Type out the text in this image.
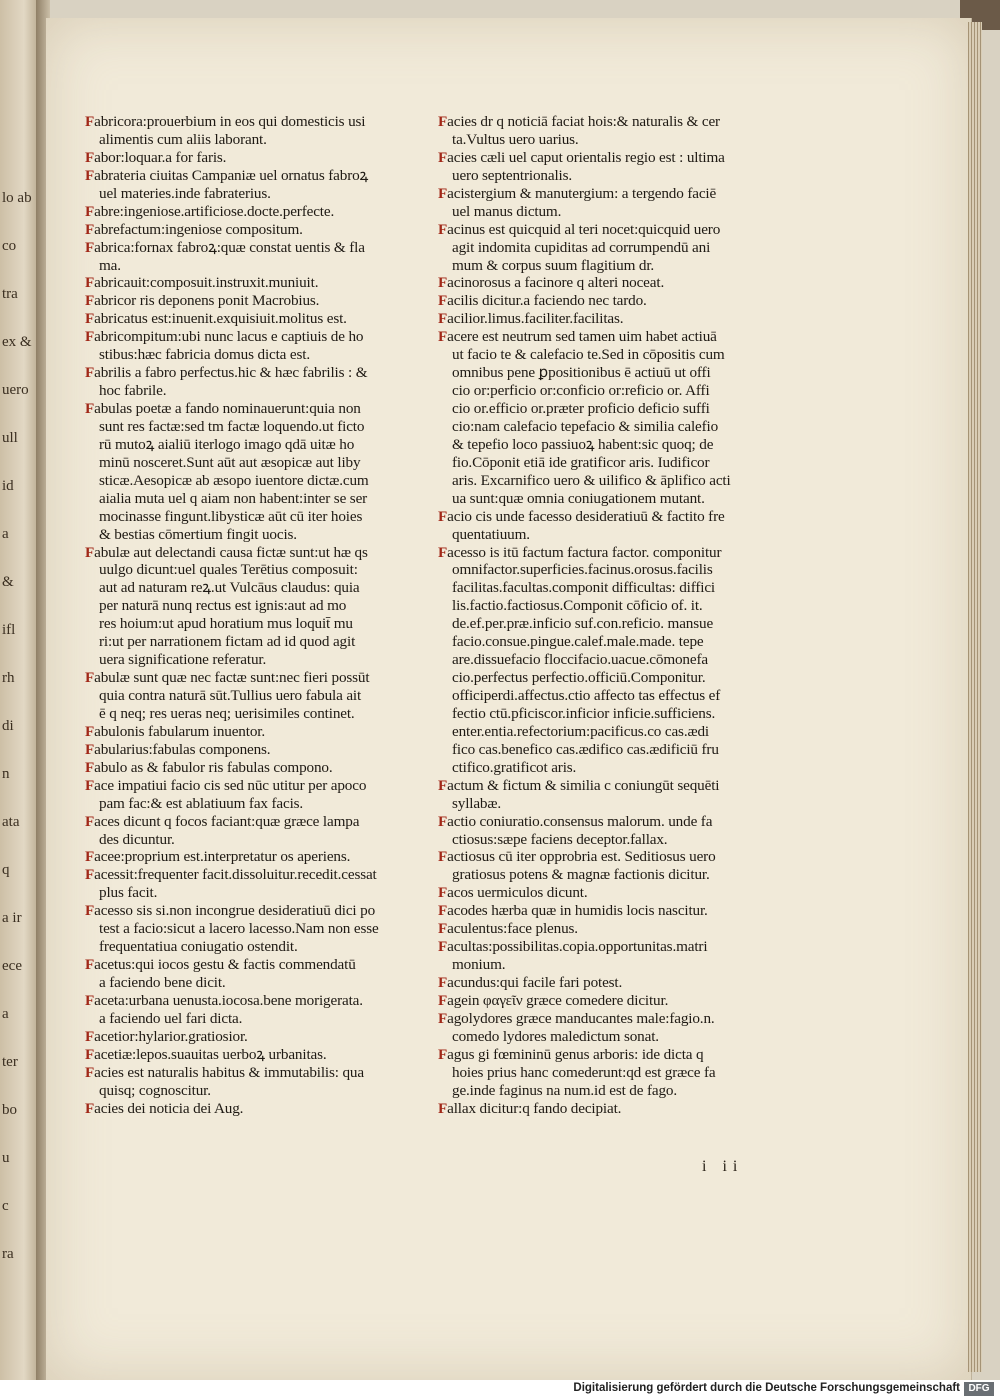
lo ab
co
tra
ex &
uero
ull
id
a
&
ifl
rh
di
n
ata
q
a ir
ece
a
ter
bo
u
c
ra
Fabricora:prouerbium in eos qui domesticis usi
alimentis cum aliis laborant.
Fabor:loquar.a for faris.
Fabrateria ciuitas Campaniæ uel ornatus fabroꝝ
uel materies.inde fabraterius.
Fabre:ingeniose.artificiose.docte.perfecte.
Fabrefactum:ingeniose compositum.
Fabrica:fornax fabroꝝ:quæ constat uentis & fla
ma.
Fabricauit:composuit.instruxit.muniuit.
Fabricor ris deponens ponit Macrobius.
Fabricatus est:inuenit.exquisiuit.molitus est.
Fabricompitum:ubi nunc lacus e captiuis de ho
stibus:hæc fabricia domus dicta est.
Fabrilis a fabro perfectus.hic & hæc fabrilis : &
hoc fabrile.
Fabulas poetæ a fando nominauerunt:quia non
sunt res factæ:sed tm factæ loquendo.ut ficto
rū mutoꝝ aialiū iterlogo imago qdā uitæ ho
minū nosceret.Sunt aūt aut æsopicæ aut liby
sticæ.Aesopicæ ab æsopo iuentore dictæ.cum
aialia muta uel q aiam non habent:inter se ser
mocinasse fingunt.libysticæ aūt cū iter hoies
& bestias cōmertium fingit uocis.
Fabulæ aut delectandi causa fictæ sunt:ut hæ qs
uulgo dicunt:uel quales Terētius composuit:
aut ad naturam reꝝ.ut Vulcāus claudus: quia
per naturā nunq rectus est ignis:aut ad mo
res hoium:ut apud horatium mus loquit̄ mu
ri:ut per narrationem fictam ad id quod agit
uera significatione referatur.
Fabulæ sunt quæ nec factæ sunt:nec fieri possūt
quia contra naturā sūt.Tullius uero fabula ait
ē q neq; res ueras neq; uerisimiles continet.
Fabulonis fabularum inuentor.
Fabularius:fabulas componens.
Fabulo as & fabulor ris fabulas compono.
Face impatiui facio cis sed nūc utitur per apoco
pam fac:& est ablatiuum fax facis.
Faces dicunt q focos faciant:quæ græce lampa
des dicuntur.
Facee:proprium est.interpretatur os aperiens.
Facessit:frequenter facit.dissoluitur.recedit.cessat
plus facit.
Facesso sis si.non incongrue desideratiuū dici po
test a facio:sicut a lacero lacesso.Nam non esse
frequentatiua coniugatio ostendit.
Facetus:qui iocos gestu & factis commendatū
a faciendo bene dicit.
Faceta:urbana uenusta.iocosa.bene morigerata.
a faciendo uel fari dicta.
Facetior:hylarior.gratiosior.
Facetiæ:lepos.suauitas uerboꝝ urbanitas.
Facies est naturalis habitus & immutabilis: qua
quisq; cognoscitur.
Facies dei noticia dei Aug.
Facies dr q noticiā faciat hois:& naturalis & cer
ta.Vultus uero uarius.
Facies cæli uel caput orientalis regio est : ultima
uero septentrionalis.
Facistergium & manutergium: a tergendo faciē
uel manus dictum.
Facinus est quicquid al teri nocet:quicquid uero
agit indomita cupiditas ad corrumpendū ani
mum & corpus suum flagitium dr.
Facinorosus a facinore q alteri noceat.
Facilis dicitur.a faciendo nec tardo.
Facilior.limus.faciliter.facilitas.
Facere est neutrum sed tamen uim habet actiuā
ut facio te & calefacio te.Sed in cōpositis cum
omnibus pene ꝑpositionibus ē actiuū ut offi
cio or:perficio or:conficio or:reficio or. Affi
cio or.efficio or.præter proficio deficio suffi
cio:nam calefacio tepefacio & similia calefio
& tepefio loco passiuoꝝ habent:sic quoq; de
fio.Cōponit etiā ide gratificor aris. Iudificor
aris. Excarnifico uero & uilifico & āplifico acti
ua sunt:quæ omnia coniugationem mutant.
Facio cis unde facesso desideratiuū & factito fre
quentatiuum.
Facesso is itū factum factura factor. componitur
omnifactor.superficies.facinus.orosus.facilis
facilitas.facultas.componit difficultas: diffici
lis.factio.factiosus.Componit cōficio of. it.
de.ef.per.præ.inficio suf.con.reficio. mansue
facio.consue.pingue.calef.male.made. tepe
are.dissuefacio floccifacio.uacue.cōmonefa
cio.perfectus perfectio.officiū.Componitur.
officiperdi.affectus.ctio affecto tas effectus ef
fectio ctū.pficiscor.inficior inficie.sufficiens.
enter.entia.refectorium:pacificus.co cas.ædi
fico cas.benefico cas.ædifico cas.ædificiū fru
ctifico.gratificot aris.
Factum & fictum & similia c coniungūt sequēti
syllabæ.
Factio coniuratio.consensus malorum. unde fa
ctiosus:sæpe faciens deceptor.fallax.
Factiosus cū iter opprobria est. Seditiosus uero
gratiosus potens & magnæ factionis dicitur.
Facos uermiculos dicunt.
Facodes hærba quæ in humidis locis nascitur.
Faculentus:face plenus.
Facultas:possibilitas.copia.opportunitas.matri
monium.
Facundus:qui facile fari potest.
Fagein φαγεῖν græce comedere dicitur.
Fagolydores græce manducantes male:fagio.n.
comedo lydores maledictum sonat.
Fagus gi fœmininū genus arboris: ide dicta q
hoies prius hanc comederunt:qd est græce fa
ge.inde faginus na num.id est de fago.
Fallax dicitur:q fando decipiat.
i ii
Digitalisierung gefördert durch die Deutsche Forschungsgemeinschaft DFG
